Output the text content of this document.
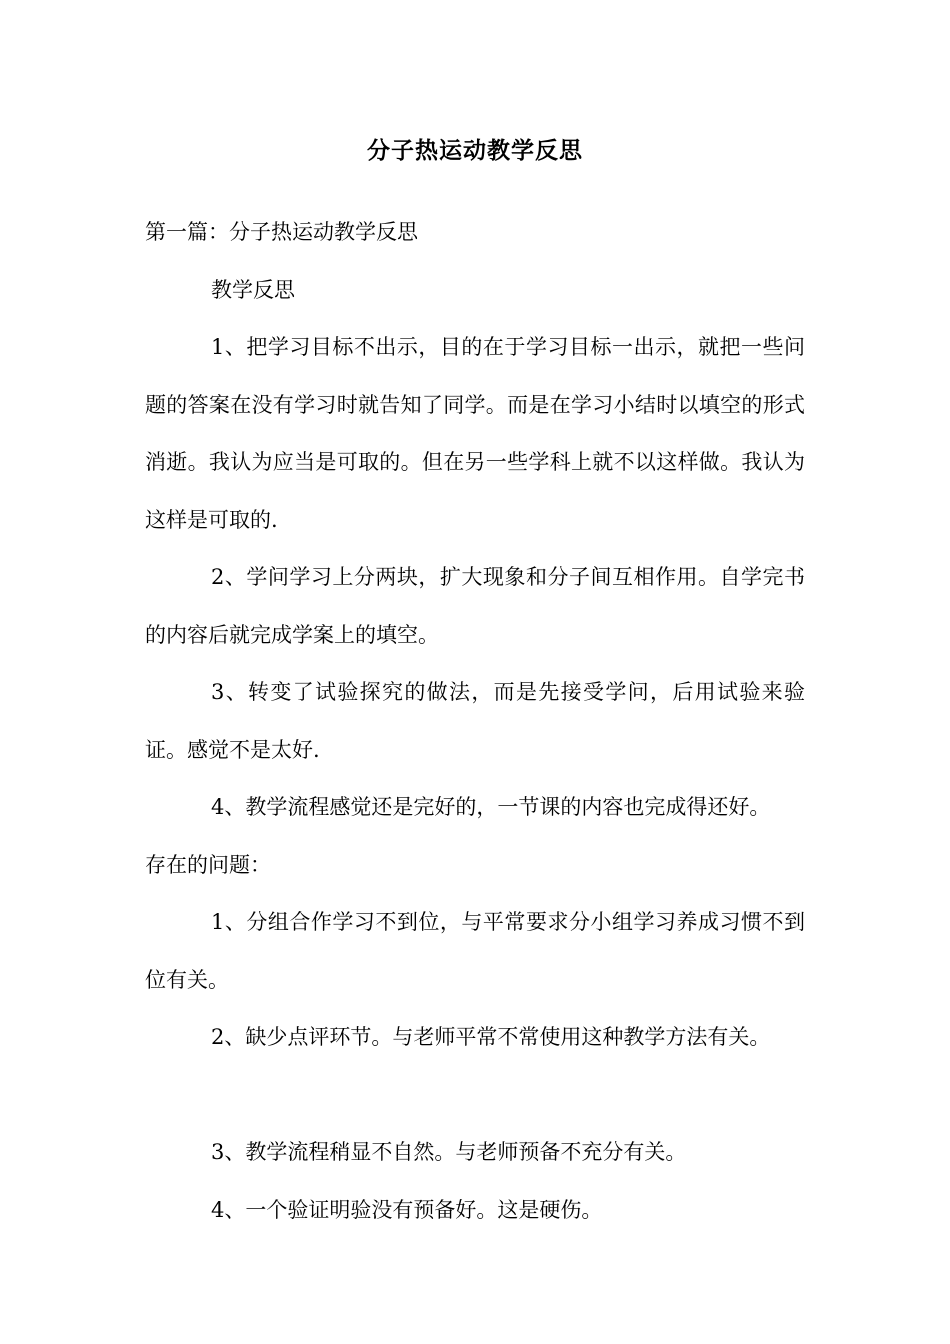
分子热运动教学反思

第一篇：分子热运动教学反思

教学反思

1、把学习目标不出示，目的在于学习目标一出示，就把一些问题的答案在没有学习时就告知了同学。而是在学习小结时以填空的形式消逝。我认为应当是可取的。但在另一些学科上就不以这样做。我认为这样是可取的.

2、学问学习上分两块，扩大现象和分子间互相作用。自学完书的内容后就完成学案上的填空。

3、转变了试验探究的做法，而是先接受学问，后用试验来验证。感觉不是太好.

4、教学流程感觉还是完好的，一节课的内容也完成得还好。

存在的问题：

1、分组合作学习不到位，与平常要求分小组学习养成习惯不到位有关。

2、缺少点评环节。与老师平常不常使用这种教学方法有关。

3、教学流程稍显不自然。与老师预备不充分有关。

4、一个验证明验没有预备好。这是硬伤。
